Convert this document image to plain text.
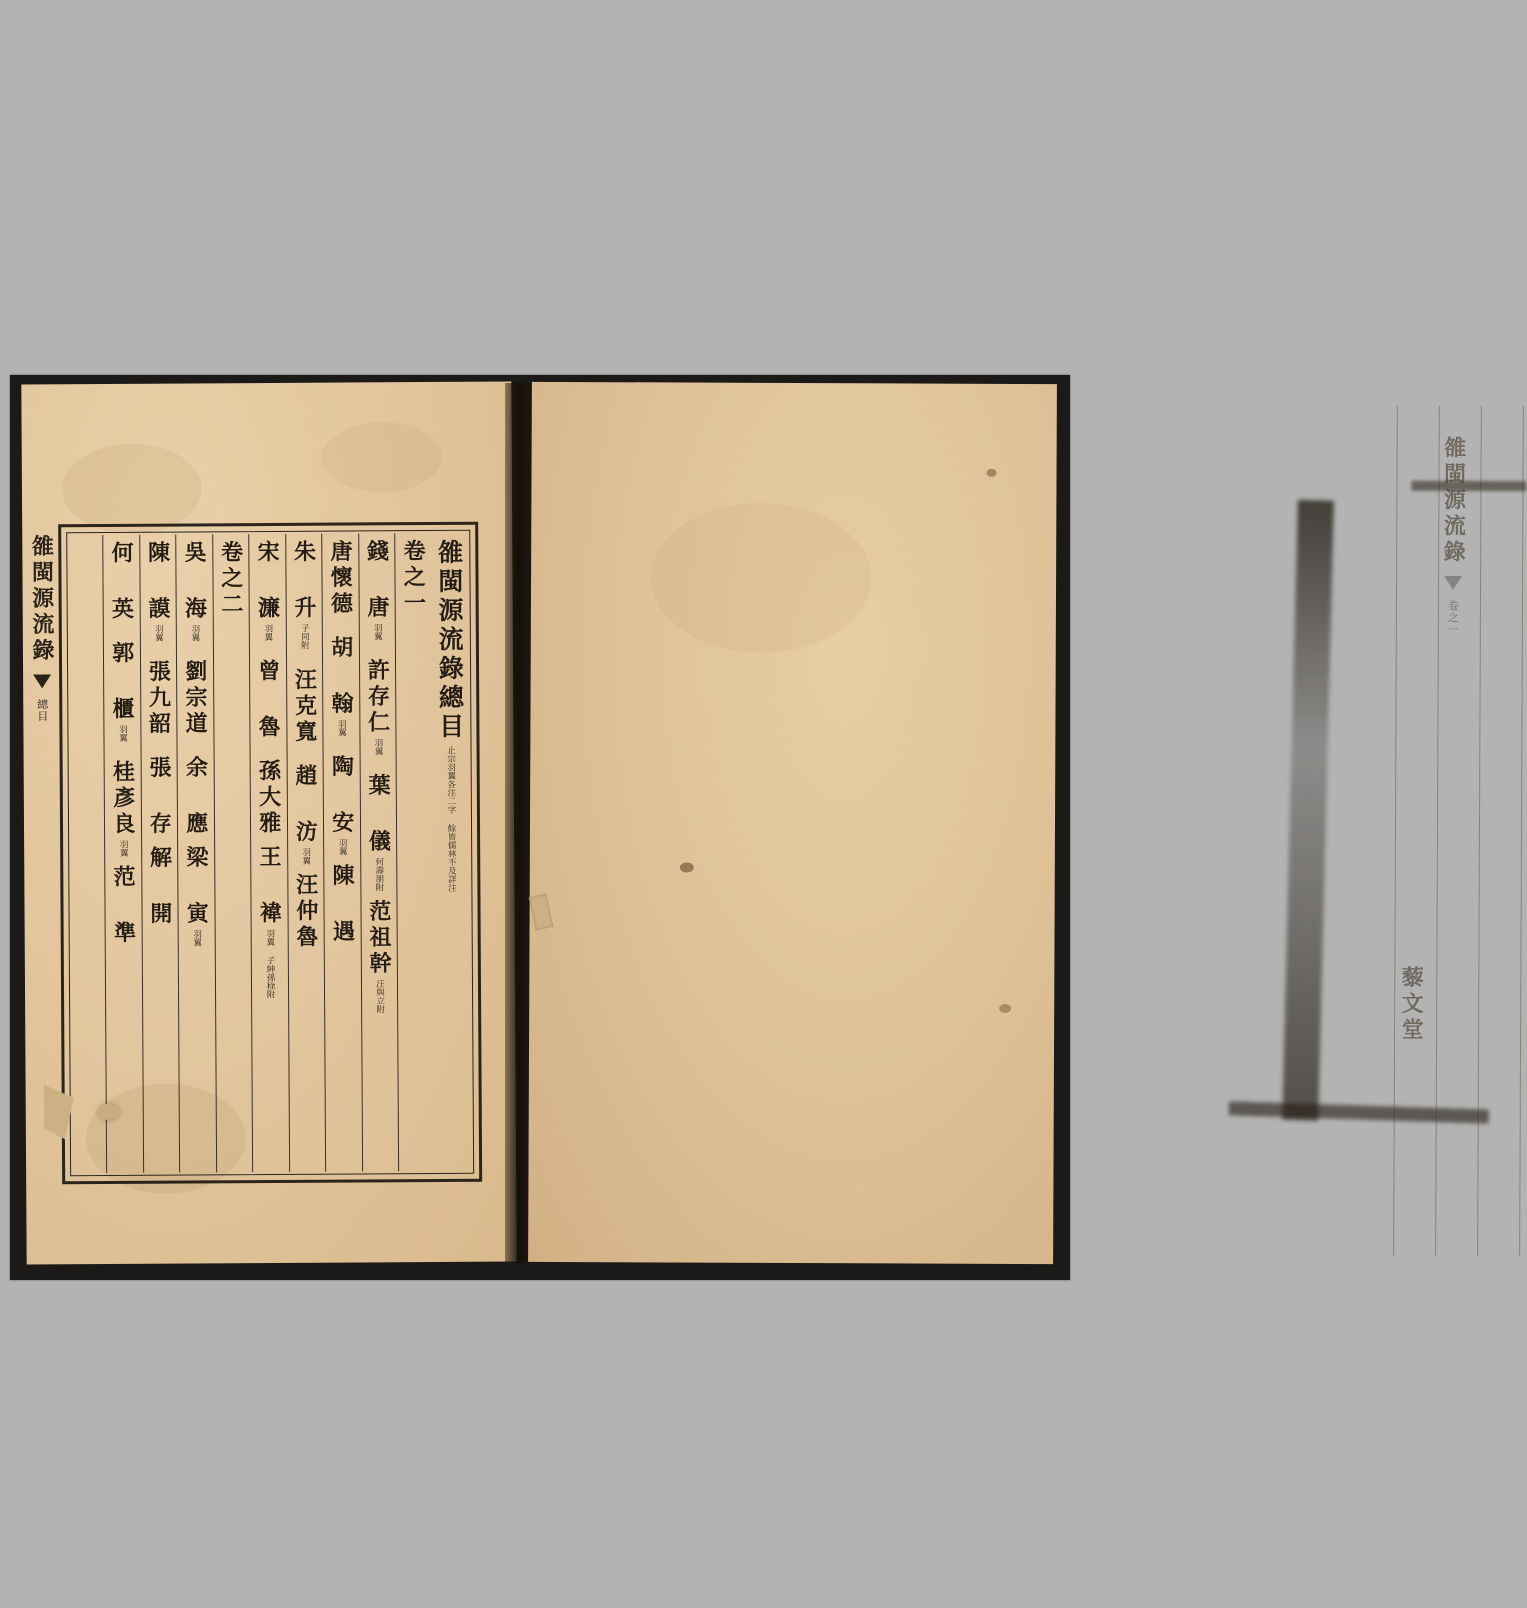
雒閩源流錄
總目	雒閩源流錄總目
止宗羽翼各注二字 餘皆儒林不及詳注
卷之一
錢 唐
羽翼
許存仁
羽翼
葉 儀
何壽朋附
范祖幹
汪與立附
唐懷德
胡 翰
羽翼
陶 安
羽翼
陳 遇
朱 升
子同附
汪克寬
趙 汸
羽翼
汪仲魯
宋 濂
羽翼
曾 魯
孫大雅
王 褘
羽翼 子紳孫稌附
卷之二
吳 海
羽翼
劉宗道
余 應
梁 寅
羽翼
陳 謨
羽翼
張九韶
張 存
解 開
何 英
郭 櫃
羽翼
桂彥良
羽翼
范 準
雒閩源流錄
卷之一
藜文堂
